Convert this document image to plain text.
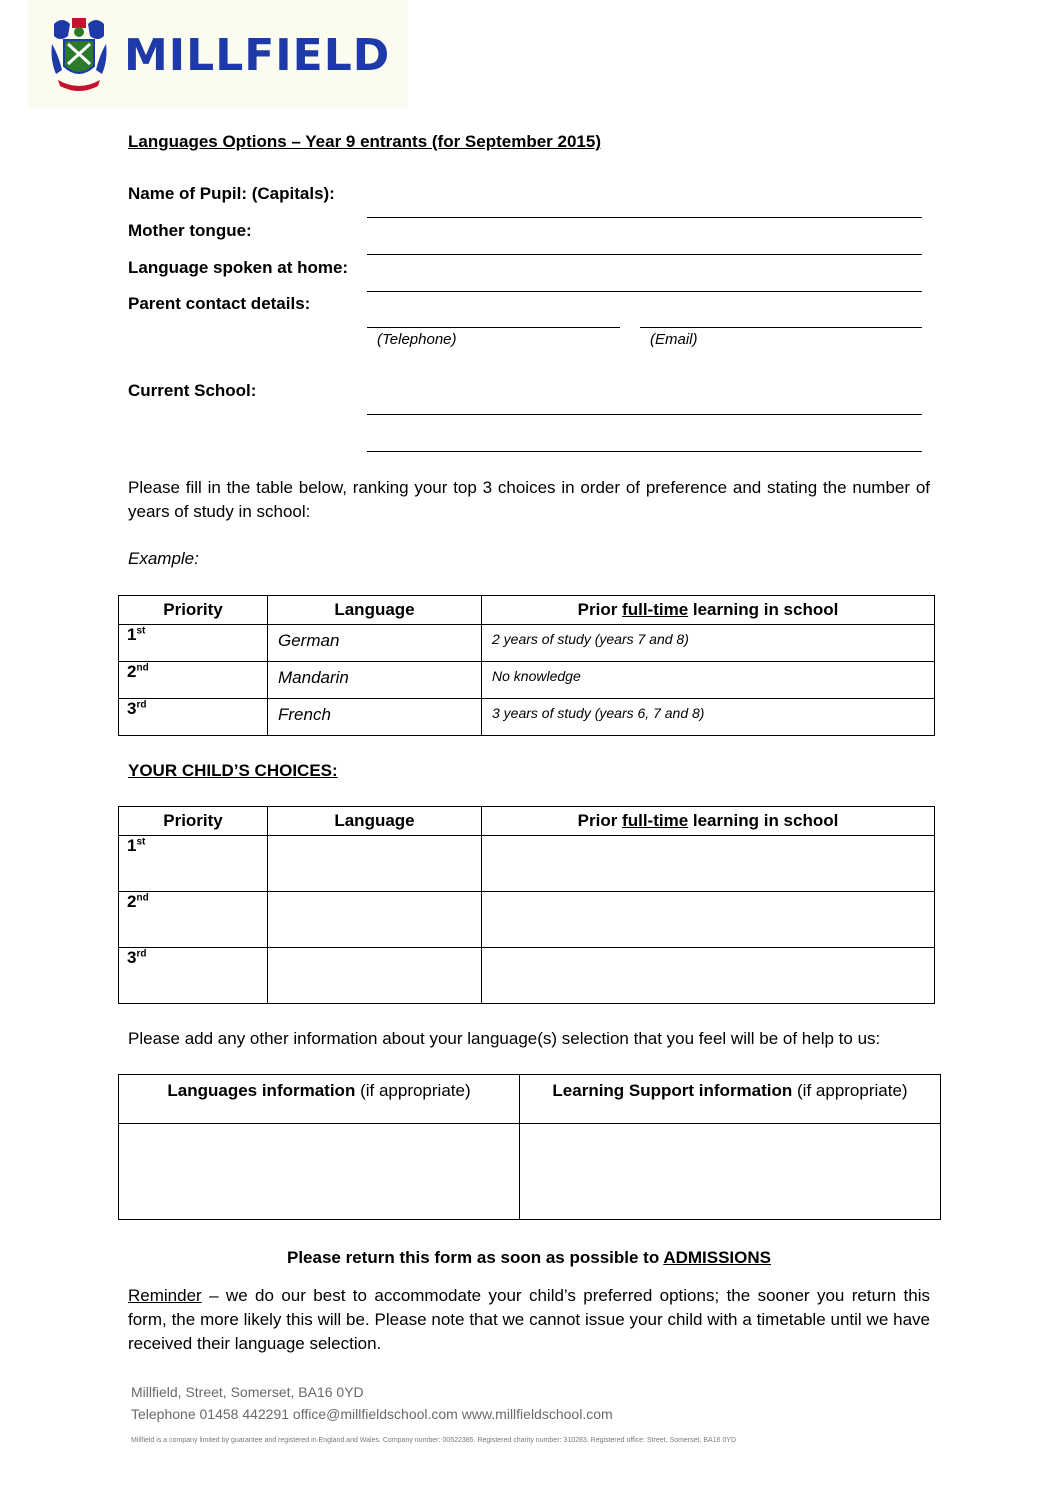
MILLFIELD
Languages Options – Year 9 entrants (for September 2015)
Name of Pupil: (Capitals):
Mother tongue:
Language spoken at home:
Parent contact details:
(Telephone)	(Email)
Current School:
Please fill in the table below, ranking your top 3 choices in order of preference and stating the number of years of study in school:
Example:
Priority	Language	Prior full-time learning in school
1st	German	2 years of study (years 7 and 8)
2nd	Mandarin	No knowledge
3rd	French	3 years of study (years 6, 7 and 8)
YOUR CHILD’S CHOICES:
Priority	Language	Prior full-time learning in school
1st		
2nd		
3rd		
Please add any other information about your language(s) selection that you feel will be of help to us:
Languages information (if appropriate)	Learning Support information (if appropriate)

Please return this form as soon as possible to ADMISSIONS
Reminder – we do our best to accommodate your child’s preferred options; the sooner you return this form, the more likely this will be. Please note that we cannot issue your child with a timetable until we have received their language selection.
Millfield, Street, Somerset, BA16 0YD
Telephone 01458 442291 office@millfieldschool.com www.millfieldschool.com
Millfield is a company limited by guarantee and registered in England and Wales. Company number: 00522385. Registered charity number: 310283. Registered office: Street, Somerset, BA16 0YD
